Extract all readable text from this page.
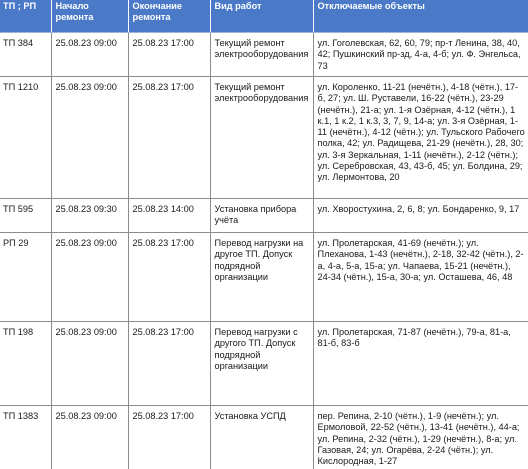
ТП ; РП	Начало ремонта	Окончание ремонта	Вид работ	Отключаемые объекты
ТП 384	25.08.23 09:00	25.08.23 17:00	Текущий ремонт электрооборудования	ул. Гоголевская, 62, 60, 79; пр-т Ленина, 38, 40, 42; Пушкинский пр-зд, 4-а, 4-б; ул. Ф. Энгельса, 73
ТП 1210	25.08.23 09:00	25.08.23 17:00	Текущий ремонт электрооборудования	ул. Короленко, 11-21 (нечётн.), 4-18 (чётн.), 17-б, 27; ул. Ш. Руставели, 16-22 (чётн.), 23-29 (нечётн.), 21-а; ул. 1-я Озёрная, 4-12 (чётн.), 1 к.1, 1 к.2, 1 к.3, 3, 7, 9, 14-а; ул. 3-я Озёрная, 1-11 (нечётн.), 4-12 (чётн.); ул. Тульского Рабочего полка, 42; ул. Радищева, 21-29 (нечётн.), 28, 30; ул. 3-я Зеркальная, 1-11 (нечётн.), 2-12 (чётн.); ул. Серебровская, 43, 43-б, 45; ул. Болдина, 29; ул. Лермонтова, 20
ТП 595	25.08.23 09:30	25.08.23 14:00	Установка прибора учёта	ул. Хворостухина, 2, 6, 8; ул. Бондаренко, 9, 17
РП 29	25.08.23 09:00	25.08.23 17:00	Перевод нагрузки на другое ТП. Допуск подрядной организации	ул. Пролетарская, 41-69 (нечётн.); ул. Плеханова, 1-43 (нечётн.), 2-18, 32-42 (чётн.), 2-а, 4-а, 5-а, 15-а; ул. Чапаева, 15-21 (нечётн.), 24-34 (чётн.), 15-а, 30-а; ул. Осташева, 46, 48
ТП 198	25.08.23 09:00	25.08.23 17:00	Перевод нагрузки с другого ТП. Допуск подрядной организации	ул. Пролетарская, 71-87 (нечётн.), 79-а, 81-а, 81-б, 83-б
ТП 1383	25.08.23 09:00	25.08.23 17:00	Установка УСПД	пер. Репина, 2-10 (чётн.), 1-9 (нечётн.); ул. Ермоловой, 22-52 (чётн.), 13-41 (нечётн.), 44-а; ул. Репина, 2-32 (чётн.), 1-29 (нечётн.), 8-а; ул. Газовая, 24; ул. Огарёва, 2-24 (чётн.); ул. Кислородная, 1-27
